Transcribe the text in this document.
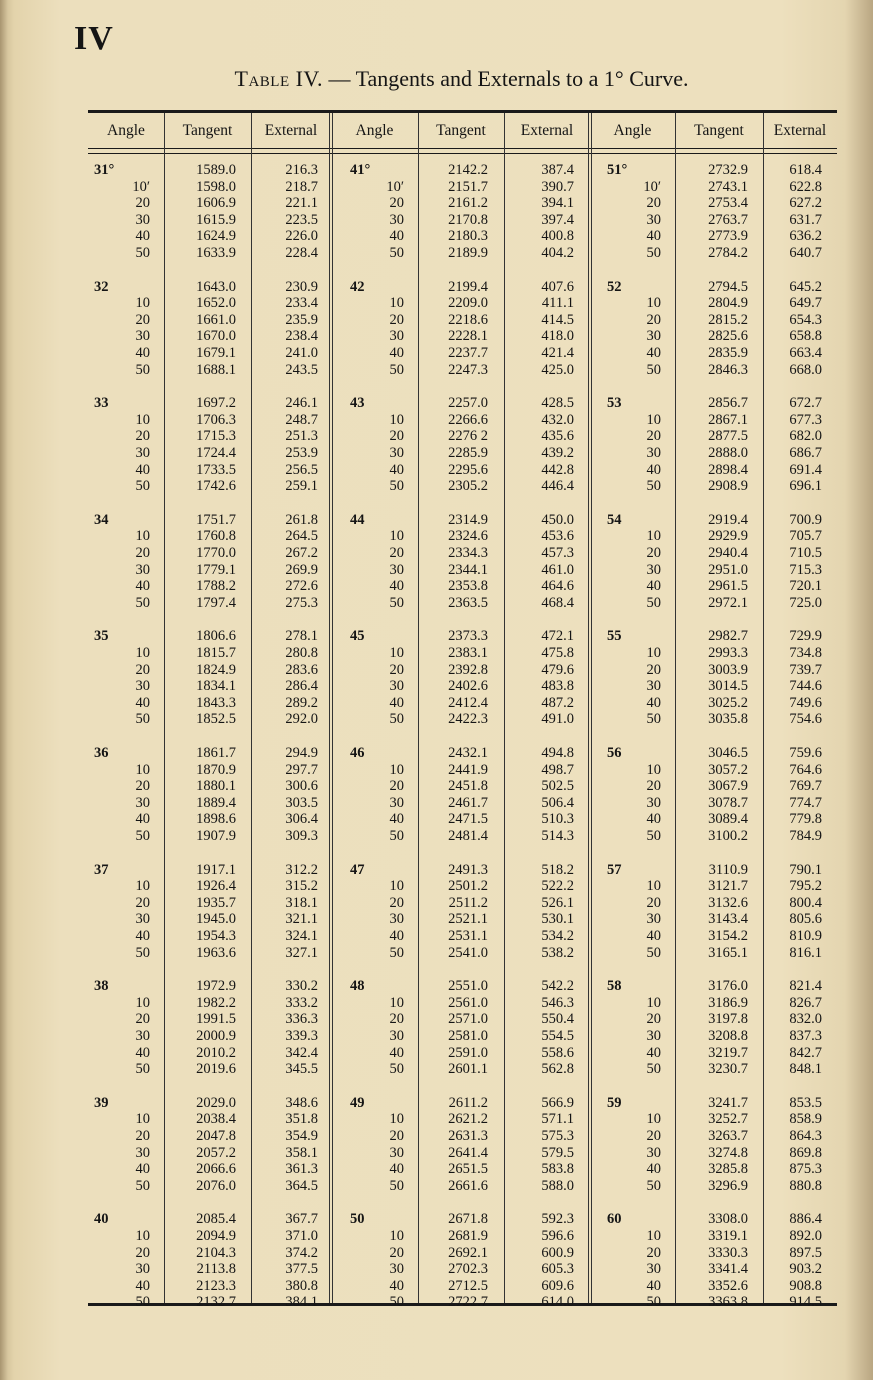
IV
Table IV. — Tangents and Externals to a 1° Curve.
Angle	Tangent	External	Angle	Tangent	External	Angle	Tangent	External
31°	1589.0	216.3 41°	2142.2	387.4 51°	2732.9	618.4
10′	1598.0	218.7	10′	2151.7	390.7	10′	2743.1	622.8
20	1606.9	221.1	20	2161.2	394.1	20	2753.4	627.2
30	1615.9	223.5	30	2170.8	397.4	30	2763.7	631.7
40	1624.9	226.0	40	2180.3	400.8	40	2773.9	636.2
50	1633.9	228.4	50	2189.9	404.2	50	2784.2	640.7
32	1643.0	230.9 42	2199.4	407.6 52	2794.5	645.2
10	1652.0	233.4	10	2209.0	411.1	10	2804.9	649.7
20	1661.0	235.9	20	2218.6	414.5	20	2815.2	654.3
30	1670.0	238.4	30	2228.1	418.0	30	2825.6	658.8
40	1679.1	241.0	40	2237.7	421.4	40	2835.9	663.4
50	1688.1	243.5	50	2247.3	425.0	50	2846.3	668.0
33	1697.2	246.1 43	2257.0	428.5 53	2856.7	672.7
10	1706.3	248.7	10	2266.6	432.0	10	2867.1	677.3
20	1715.3	251.3	20	2276 2	435.6	20	2877.5	682.0
30	1724.4	253.9	30	2285.9	439.2	30	2888.0	686.7
40	1733.5	256.5	40	2295.6	442.8	40	2898.4	691.4
50	1742.6	259.1	50	2305.2	446.4	50	2908.9	696.1
34	1751.7	261.8 44	2314.9	450.0 54	2919.4	700.9
10	1760.8	264.5	10	2324.6	453.6	10	2929.9	705.7
20	1770.0	267.2	20	2334.3	457.3	20	2940.4	710.5
30	1779.1	269.9	30	2344.1	461.0	30	2951.0	715.3
40	1788.2	272.6	40	2353.8	464.6	40	2961.5	720.1
50	1797.4	275.3	50	2363.5	468.4	50	2972.1	725.0
35	1806.6	278.1 45	2373.3	472.1 55	2982.7	729.9
10	1815.7	280.8	10	2383.1	475.8	10	2993.3	734.8
20	1824.9	283.6	20	2392.8	479.6	20	3003.9	739.7
30	1834.1	286.4	30	2402.6	483.8	30	3014.5	744.6
40	1843.3	289.2	40	2412.4	487.2	40	3025.2	749.6
50	1852.5	292.0	50	2422.3	491.0	50	3035.8	754.6
36	1861.7	294.9 46	2432.1	494.8 56	3046.5	759.6
10	1870.9	297.7	10	2441.9	498.7	10	3057.2	764.6
20	1880.1	300.6	20	2451.8	502.5	20	3067.9	769.7
30	1889.4	303.5	30	2461.7	506.4	30	3078.7	774.7
40	1898.6	306.4	40	2471.5	510.3	40	3089.4	779.8
50	1907.9	309.3	50	2481.4	514.3	50	3100.2	784.9
37	1917.1	312.2 47	2491.3	518.2 57	3110.9	790.1
10	1926.4	315.2	10	2501.2	522.2	10	3121.7	795.2
20	1935.7	318.1	20	2511.2	526.1	20	3132.6	800.4
30	1945.0	321.1	30	2521.1	530.1	30	3143.4	805.6
40	1954.3	324.1	40	2531.1	534.2	40	3154.2	810.9
50	1963.6	327.1	50	2541.0	538.2	50	3165.1	816.1
38	1972.9	330.2 48	2551.0	542.2 58	3176.0	821.4
10	1982.2	333.2	10	2561.0	546.3	10	3186.9	826.7
20	1991.5	336.3	20	2571.0	550.4	20	3197.8	832.0
30	2000.9	339.3	30	2581.0	554.5	30	3208.8	837.3
40	2010.2	342.4	40	2591.0	558.6	40	3219.7	842.7
50	2019.6	345.5	50	2601.1	562.8	50	3230.7	848.1
39	2029.0	348.6 49	2611.2	566.9 59	3241.7	853.5
10	2038.4	351.8	10	2621.2	571.1	10	3252.7	858.9
20	2047.8	354.9	20	2631.3	575.3	20	3263.7	864.3
30	2057.2	358.1	30	2641.4	579.5	30	3274.8	869.8
40	2066.6	361.3	40	2651.5	583.8	40	3285.8	875.3
50	2076.0	364.5	50	2661.6	588.0	50	3296.9	880.8
40	2085.4	367.7 50	2671.8	592.3 60	3308.0	886.4
10	2094.9	371.0	10	2681.9	596.6	10	3319.1	892.0
20	2104.3	374.2	20	2692.1	600.9	20	3330.3	897.5
30	2113.8	377.5	30	2702.3	605.3	30	3341.4	903.2
40	2123.3	380.8	40	2712.5	609.6	40	3352.6	908.8
50	2132 7	384.1	50	2722.7	614.0	50	3363.8	914.5
